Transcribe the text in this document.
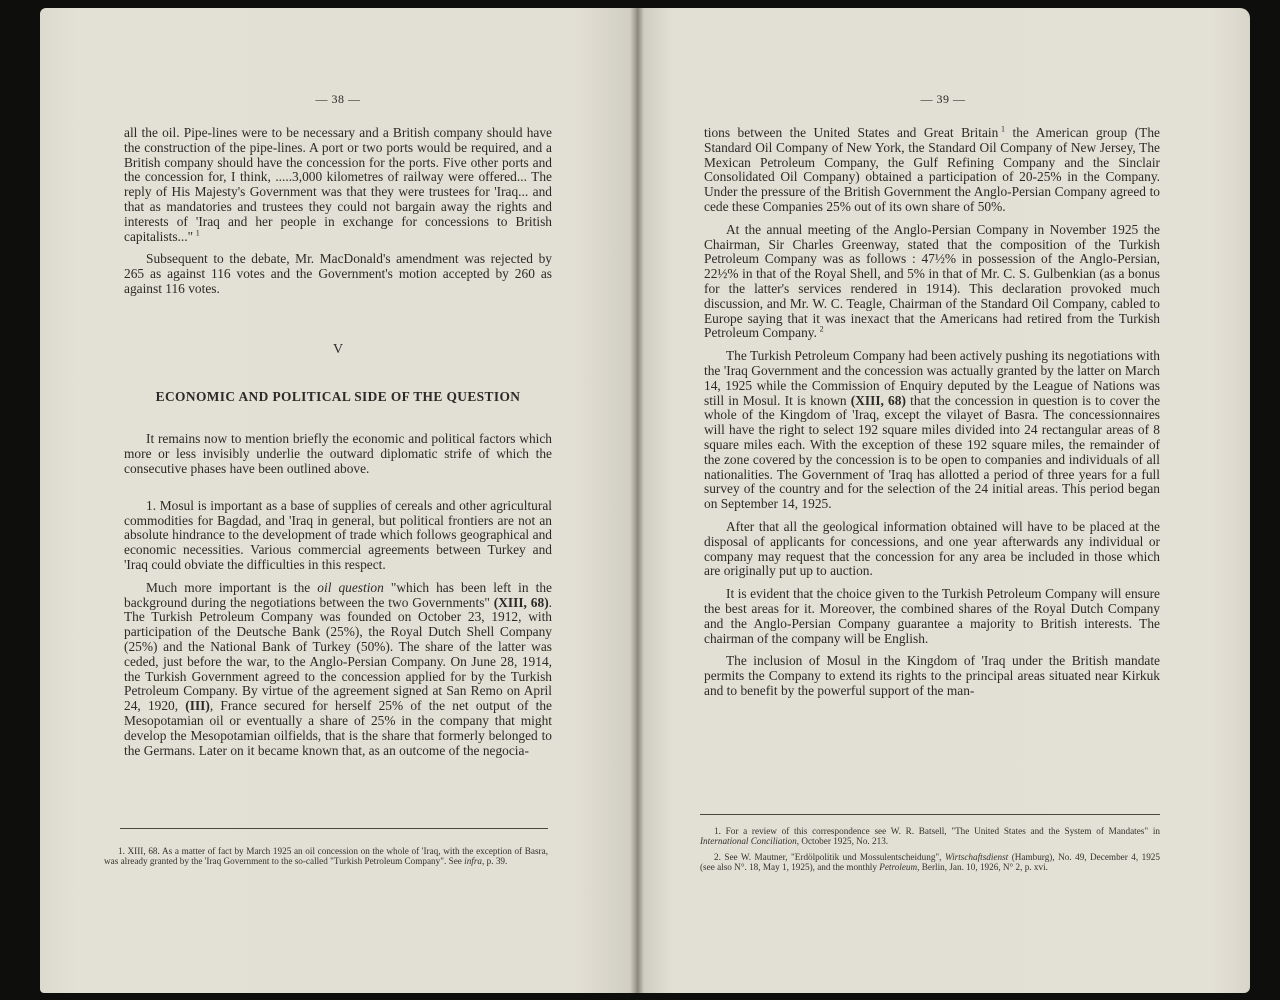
— 38 —

all the oil. Pipe-lines were to be necessary and a British company should have the construction of the pipe-lines. A port or two ports would be required, and a British company should have the concession for the ports. Five other ports and the concession for, I think, .....3,000 kilometres of railway were offered... The reply of His Majesty's Government was that they were trustees for 'Iraq... and that as mandatories and trustees they could not bargain away the rights and interests of 'Iraq and her people in exchange for concessions to British capitalists..."  $^1$

Subsequent to the debate, Mr. MacDonald's amendment was rejected by 265 as against 116 votes and the Government's motion accepted by 260 as against 116 votes.

V
ECONOMIC AND POLITICAL SIDE OF THE QUESTION

It remains now to mention briefly the economic and political factors which more or less invisibly underlie the outward diplomatic strife of which the consecutive phases have been outlined above.

1. Mosul is important as a base of supplies of cereals and other agricultural commodities for Bagdad, and 'Iraq in general, but political frontiers are not an absolute hindrance to the development of trade which follows geographical and economic necessities. Various commercial agreements between Turkey and 'Iraq could obviate the difficulties in this respect.

Much more important is the oil question "which has been left in the background during the negotiations between the two Governments" (XIII, 68). The Turkish Petroleum Company was founded on October 23, 1912, with participation of the Deutsche Bank (25%), the Royal Dutch Shell Company (25%) and the National Bank of Turkey (50%). The share of the latter was ceded, just before the war, to the Anglo-Persian Company. On June 28, 1914, the Turkish Government agreed to the concession applied for by the Turkish Petroleum Company. By virtue of the agreement signed at San Remo on April 24, 1920, (III), France secured for herself 25% of the net output of the Mesopotamian oil or eventually a share of 25% in the company that might develop the Mesopotamian oilfields, that is the share that formerly belonged to the Germans. Later on it became known that, as an outcome of the negocia-

1. XIII, 68. As a matter of fact by March 1925 an oil concession on the whole of 'Iraq, with the exception of Basra, was already granted by the 'Iraq Government to the so-called "Turkish Petroleum Company". See infra, p. 39.

— 39 —

tions between the United States and Great Britain  $^1$ the American group (The Standard Oil Company of New York, the Standard Oil Company of New Jersey, The Mexican Petroleum Company, the Gulf Refining Company and the Sinclair Consolidated Oil Company) obtained a participation of 20-25% in the Company. Under the pressure of the British Government the Anglo-Persian Company agreed to cede these Companies 25% out of its own share of 50%.

At the annual meeting of the Anglo-Persian Company in November 1925 the Chairman, Sir Charles Greenway, stated that the composition of the Turkish Petroleum Company was as follows : 47½% in possession of the Anglo-Persian, 22½% in that of the Royal Shell, and 5% in that of Mr. C. S. Gulbenkian (as a bonus for the latter's services rendered in 1914). This declaration provoked much discussion, and Mr. W. C. Teagle, Chairman of the Standard Oil Company, cabled to Europe saying that it was inexact that the Americans had retired from the Turkish Petroleum Company.  $^2$

The Turkish Petroleum Company had been actively pushing its negotiations with the 'Iraq Government and the concession was actually granted by the latter on March 14, 1925 while the Commission of Enquiry deputed by the League of Nations was still in Mosul. It is known (XIII, 68) that the concession in question is to cover the whole of the Kingdom of 'Iraq, except the vilayet of Basra. The concessionnaires will have the right to select 192 square miles divided into 24 rectangular areas of 8 square miles each. With the exception of these 192 square miles, the remainder of the zone covered by the concession is to be open to companies and individuals of all nationalities. The Government of 'Iraq has allotted a period of three years for a full survey of the country and for the selection of the 24 initial areas. This period began on September 14, 1925.

After that all the geological information obtained will have to be placed at the disposal of applicants for concessions, and one year afterwards any individual or company may request that the concession for any area be included in those which are originally put up to auction.

It is evident that the choice given to the Turkish Petroleum Company will ensure the best areas for it. Moreover, the combined shares of the Royal Dutch Company and the Anglo-Persian Company guarantee a majority to British interests. The chairman of the company will be English.

The inclusion of Mosul in the Kingdom of 'Iraq under the British mandate permits the Company to extend its rights to the principal areas situated near Kirkuk and to benefit by the powerful support of the man-

1. For a review of this correspondence see W. R. Batsell, "The United States and the System of Mandates" in International Conciliation, October 1925, No. 213.

2. See W. Mautner, "Erdölpolitik und Mossulentscheidung", Wirtschaftsdienst (Hamburg), No. 49, December 4, 1925 (see also N°. 18, May 1, 1925), and the monthly Petroleum, Berlin, Jan. 10, 1926, N° 2, p. xvi.
